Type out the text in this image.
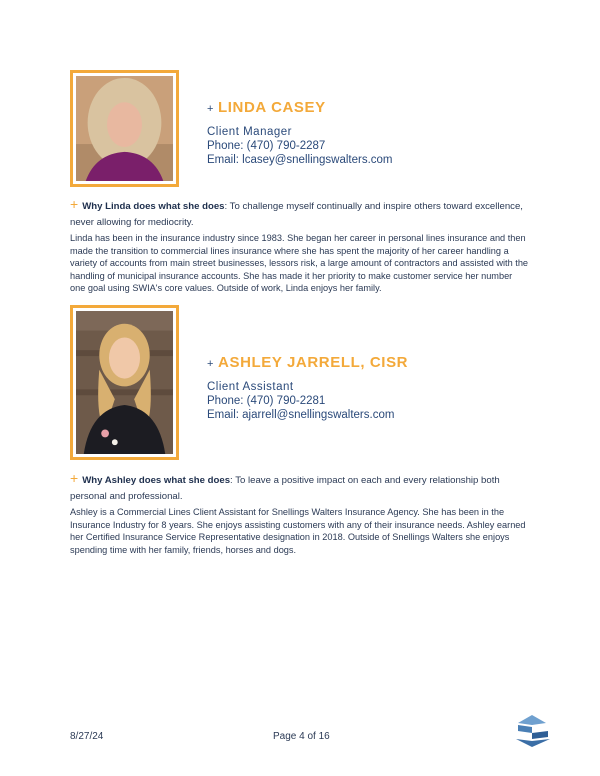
+ LINDA CASEY
Client Manager
Phone: (470) 790-2287
Email: lcasey@snellingswalters.com
+ Why Linda does what she does: To challenge myself continually and inspire others toward excellence, never allowing for mediocrity.
Linda has been in the insurance industry since 1983. She began her career in personal lines insurance and then made the transition to commercial lines insurance where she has spent the majority of her career handling a variety of accounts from main street businesses, lessors risk, a large amount of contractors and assisted with the handling of municipal insurance accounts. She has made it her priority to make customer service her number one goal using SWIA's core values. Outside of work, Linda enjoys her family.
+ ASHLEY JARRELL, CISR
Client Assistant
Phone: (470) 790-2281
Email: ajarrell@snellingswalters.com
+ Why Ashley does what she does: To leave a positive impact on each and every relationship both personal and professional.
Ashley is a Commercial Lines Client Assistant for Snellings Walters Insurance Agency. She has been in the Insurance Industry for 8 years. She enjoys assisting customers with any of their insurance needs. Ashley earned her Certified Insurance Service Representative designation in 2018. Outside of Snellings Walters she enjoys spending time with her family, friends, horses and dogs.
8/27/24	Page 4 of 16
